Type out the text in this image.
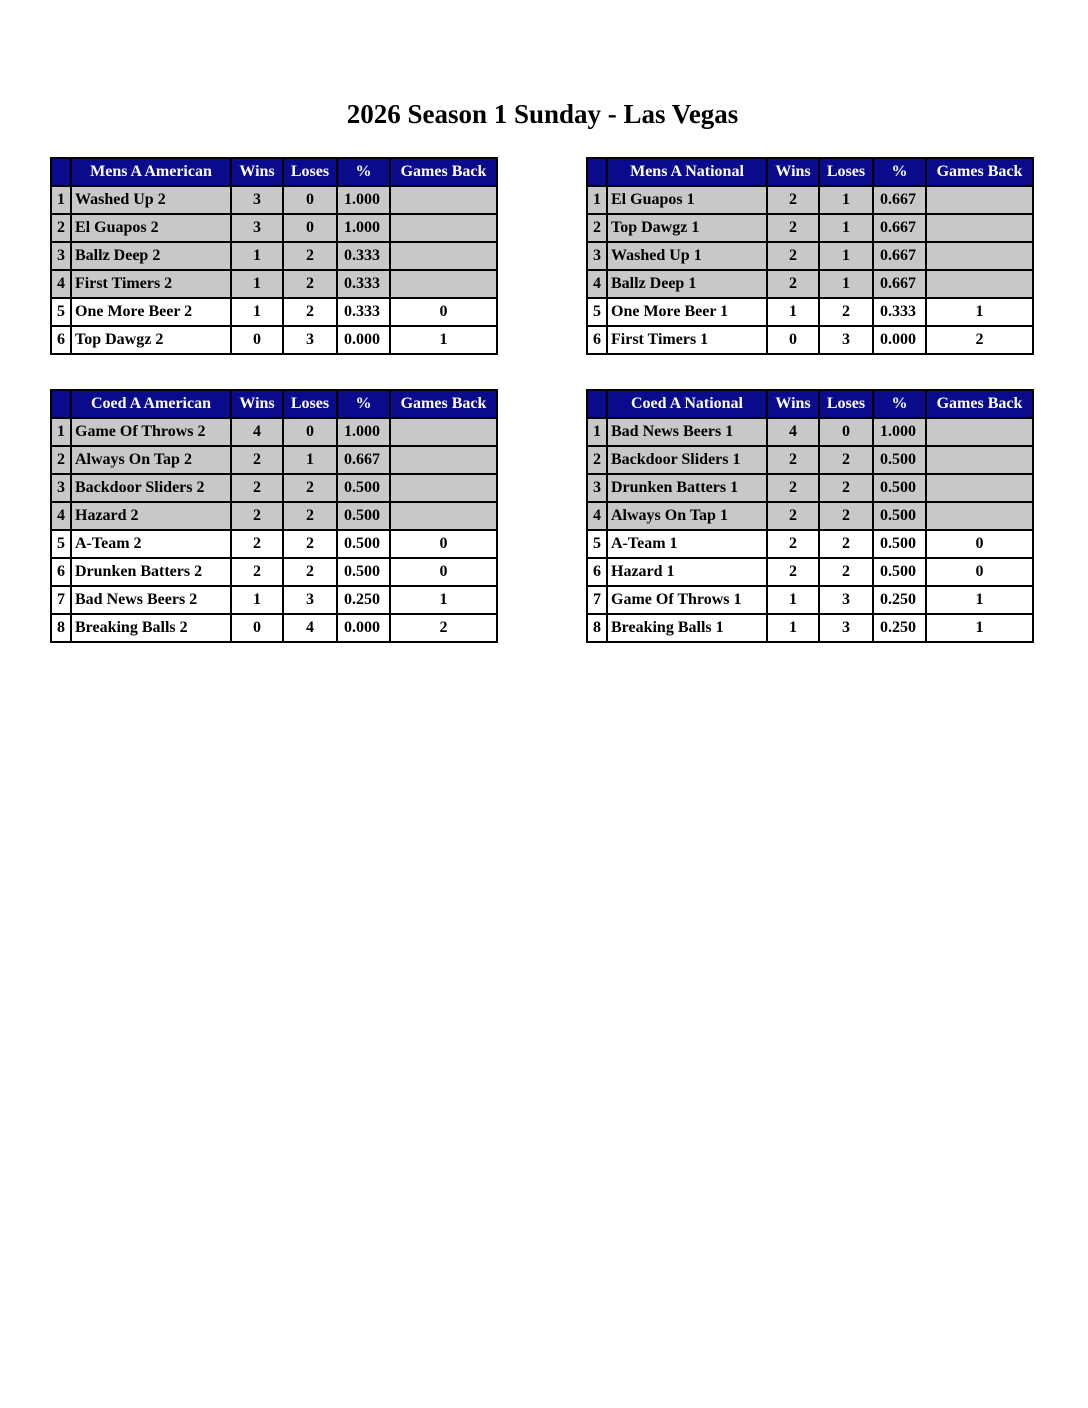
2026 Season 1 Sunday - Las Vegas
	Mens A American	Wins	Loses	%	Games Back
1	Washed Up 2	3	0	1.000	
2	El Guapos 2	3	0	1.000	
3	Ballz Deep 2	1	2	0.333	
4	First Timers 2	1	2	0.333	
5	One More Beer 2	1	2	0.333	0
6	Top Dawgz 2	0	3	0.000	1
	Mens A National	Wins	Loses	%	Games Back
1	El Guapos 1	2	1	0.667	
2	Top Dawgz 1	2	1	0.667	
3	Washed Up 1	2	1	0.667	
4	Ballz Deep 1	2	1	0.667	
5	One More Beer 1	1	2	0.333	1
6	First Timers 1	0	3	0.000	2
	Coed A American	Wins	Loses	%	Games Back
1	Game Of Throws 2	4	0	1.000	
2	Always On Tap 2	2	1	0.667	
3	Backdoor Sliders 2	2	2	0.500	
4	Hazard 2	2	2	0.500	
5	A-Team 2	2	2	0.500	0
6	Drunken Batters 2	2	2	0.500	0
7	Bad News Beers 2	1	3	0.250	1
8	Breaking Balls 2	0	4	0.000	2
	Coed A National	Wins	Loses	%	Games Back
1	Bad News Beers 1	4	0	1.000	
2	Backdoor Sliders 1	2	2	0.500	
3	Drunken Batters 1	2	2	0.500	
4	Always On Tap 1	2	2	0.500	
5	A-Team 1	2	2	0.500	0
6	Hazard 1	2	2	0.500	0
7	Game Of Throws 1	1	3	0.250	1
8	Breaking Balls 1	1	3	0.250	1
